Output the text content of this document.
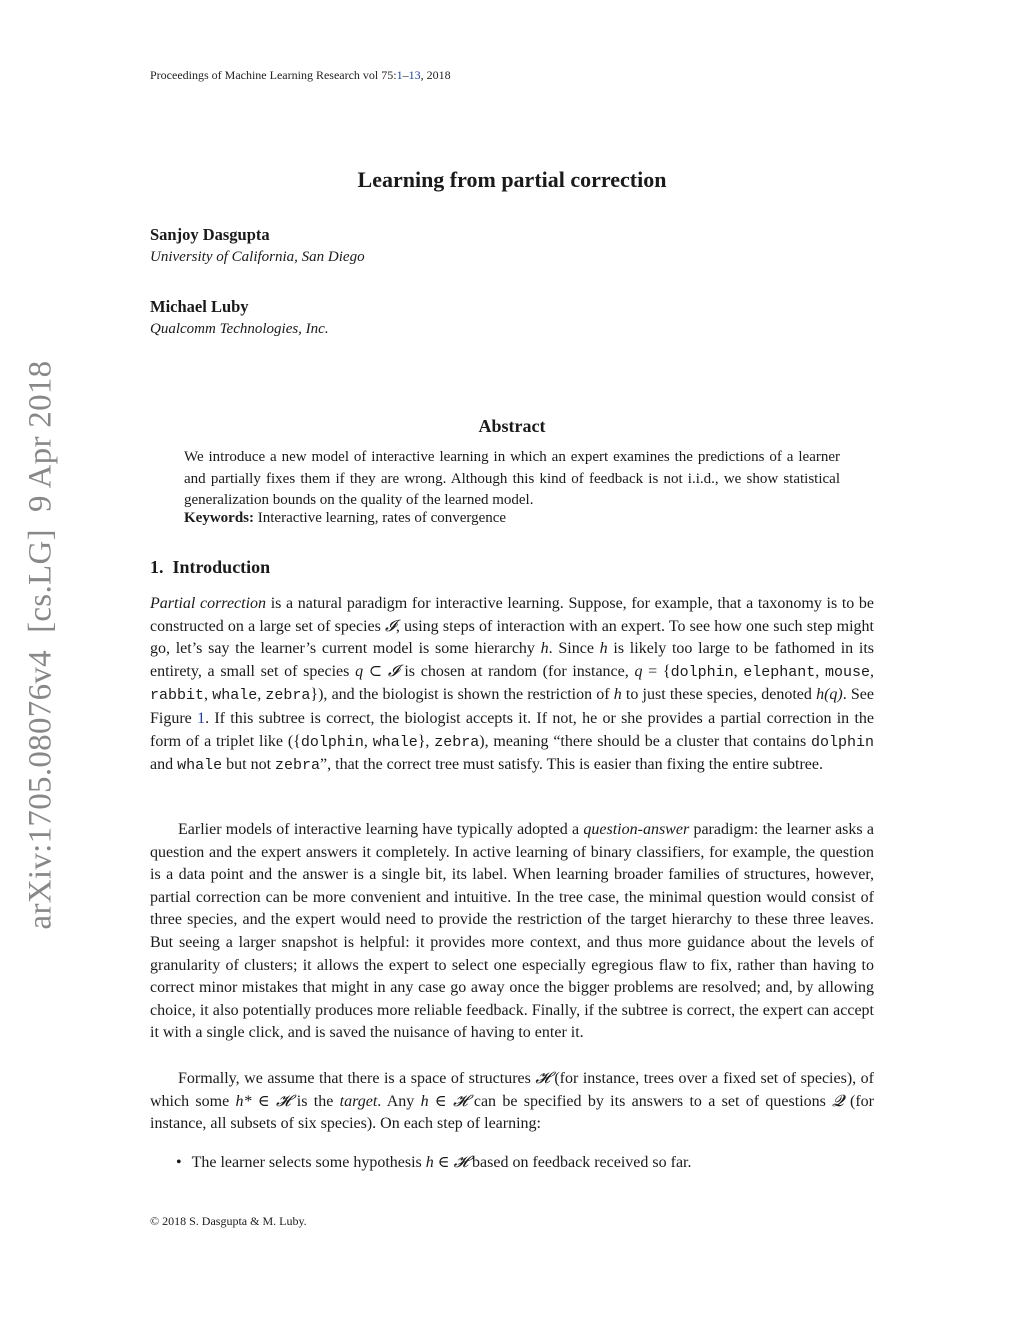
Proceedings of Machine Learning Research vol 75:1–13, 2018
arXiv:1705.08076v4  [cs.LG]  9 Apr 2018
Learning from partial correction
Sanjoy Dasgupta
University of California, San Diego
Michael Luby
Qualcomm Technologies, Inc.
Abstract
We introduce a new model of interactive learning in which an expert examines the predictions of a learner and partially fixes them if they are wrong. Although this kind of feedback is not i.i.d., we show statistical generalization bounds on the quality of the learned model.
Keywords: Interactive learning, rates of convergence
1. Introduction

Partial correction is a natural paradigm for interactive learning. Suppose, for example, that a taxonomy is to be constructed on a large set of species 𝓘, using steps of interaction with an expert. To see how one such step might go, let’s say the learner’s current model is some hierarchy h. Since h is likely too large to be fathomed in its entirety, a small set of species q ⊂ 𝓘 is chosen at random (for instance, q = {dolphin, elephant, mouse, rabbit, whale, zebra}), and the biologist is shown the restriction of h to just these species, denoted h(q). See Figure 1. If this subtree is correct, the biologist accepts it. If not, he or she provides a partial correction in the form of a triplet like ({dolphin, whale}, zebra), meaning “there should be a cluster that contains dolphin and whale but not zebra”, that the correct tree must satisfy. This is easier than fixing the entire subtree.

Earlier models of interactive learning have typically adopted a question-answer paradigm: the learner asks a question and the expert answers it completely. In active learning of binary classifiers, for example, the question is a data point and the answer is a single bit, its label. When learning broader families of structures, however, partial correction can be more convenient and intuitive. In the tree case, the minimal question would consist of three species, and the expert would need to provide the restriction of the target hierarchy to these three leaves. But seeing a larger snapshot is helpful: it provides more context, and thus more guidance about the levels of granularity of clusters; it allows the expert to select one especially egregious flaw to fix, rather than having to correct minor mistakes that might in any case go away once the bigger problems are resolved; and, by allowing choice, it also potentially produces more reliable feedback. Finally, if the subtree is correct, the expert can accept it with a single click, and is saved the nuisance of having to enter it.

Formally, we assume that there is a space of structures 𝓗 (for instance, trees over a fixed set of species), of which some h* ∈ 𝓗 is the target. Any h ∈ 𝓗 can be specified by its answers to a set of questions 𝓠 (for instance, all subsets of six species). On each step of learning:

• The learner selects some hypothesis h ∈ 𝓗 based on feedback received so far.
© 2018 S. Dasgupta & M. Luby.
